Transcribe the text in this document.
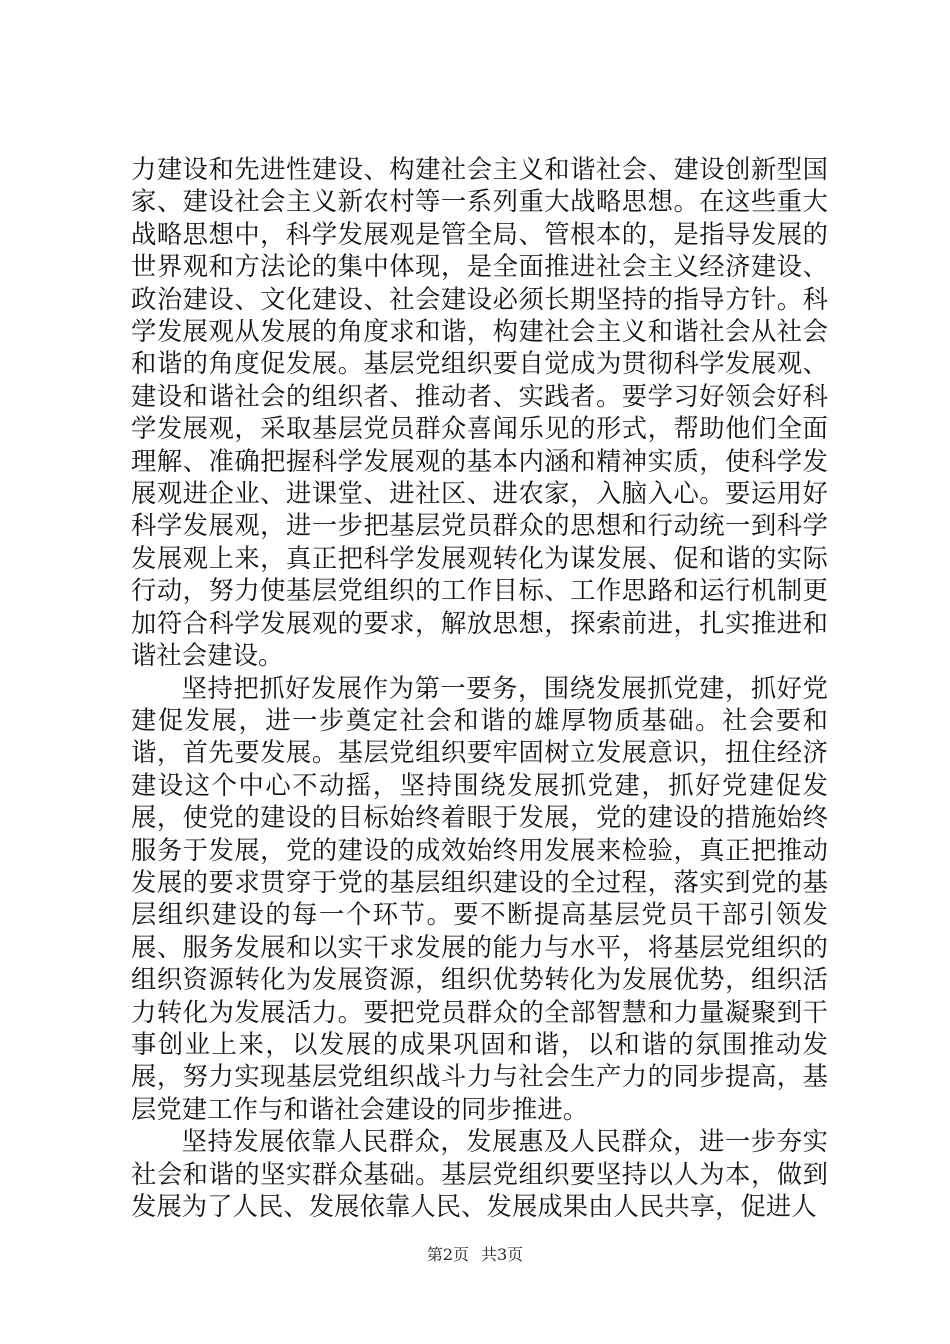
力建设和先进性建设、构建社会主义和谐社会、建设创新型国家、建设社会主义新农村等一系列重大战略思想。在这些重大战略思想中，科学发展观是管全局、管根本的，是指导发展的世界观和方法论的集中体现，是全面推进社会主义经济建设、政治建设、文化建设、社会建设必须长期坚持的指导方针。科学发展观从发展的角度求和谐，构建社会主义和谐社会从社会和谐的角度促发展。基层党组织要自觉成为贯彻科学发展观、建设和谐社会的组织者、推动者、实践者。要学习好领会好科学发展观，采取基层党员群众喜闻乐见的形式，帮助他们全面理解、准确把握科学发展观的基本内涵和精神实质，使科学发展观进企业、进课堂、进社区、进农家，入脑入心。要运用好科学发展观，进一步把基层党员群众的思想和行动统一到科学发展观上来，真正把科学发展观转化为谋发展、促和谐的实际行动，努力使基层党组织的工作目标、工作思路和运行机制更加符合科学发展观的要求，解放思想，探索前进，扎实推进和谐社会建设。

坚持把抓好发展作为第一要务，围绕发展抓党建，抓好党建促发展，进一步奠定社会和谐的雄厚物质基础。社会要和谐，首先要发展。基层党组织要牢固树立发展意识，扭住经济建设这个中心不动摇，坚持围绕发展抓党建，抓好党建促发展，使党的建设的目标始终着眼于发展，党的建设的措施始终服务于发展，党的建设的成效始终用发展来检验，真正把推动发展的要求贯穿于党的基层组织建设的全过程，落实到党的基层组织建设的每一个环节。要不断提高基层党员干部引领发展、服务发展和以实干求发展的能力与水平，将基层党组织的组织资源转化为发展资源，组织优势转化为发展优势，组织活力转化为发展活力。要把党员群众的全部智慧和力量凝聚到干事创业上来，以发展的成果巩固和谐，以和谐的氛围推动发展，努力实现基层党组织战斗力与社会生产力的同步提高，基层党建工作与和谐社会建设的同步推进。

坚持发展依靠人民群众，发展惠及人民群众，进一步夯实社会和谐的坚实群众基础。基层党组织要坚持以人为本，做到发展为了人民、发展依靠人民、发展成果由人民共享，促进人

第2页 共3页
